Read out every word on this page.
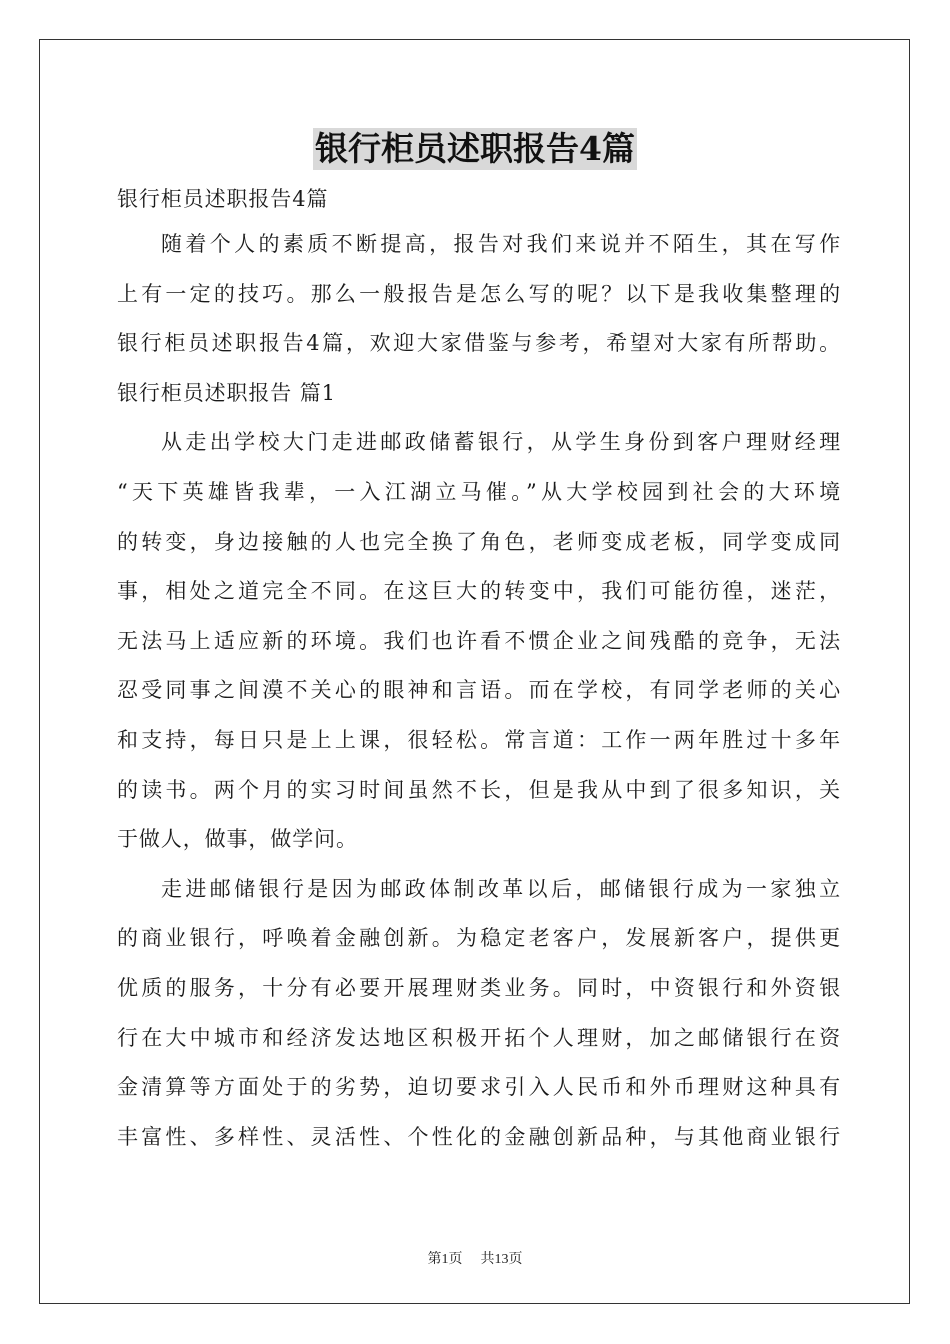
银行柜员述职报告4篇
银行柜员述职报告4篇
随着个人的素质不断提高，报告对我们来说并不陌生，其在写作
上有一定的技巧。那么一般报告是怎么写的呢？以下是我收集整理的
银行柜员述职报告4篇，欢迎大家借鉴与参考，希望对大家有所帮助。
银行柜员述职报告 篇1
从走出学校大门走进邮政储蓄银行，从学生身份到客户理财经理
“天下英雄皆我辈，一入江湖立马催。”从大学校园到社会的大环境
的转变，身边接触的人也完全换了角色，老师变成老板，同学变成同
事，相处之道完全不同。在这巨大的转变中，我们可能彷徨，迷茫，
无法马上适应新的环境。我们也许看不惯企业之间残酷的竞争，无法
忍受同事之间漠不关心的眼神和言语。而在学校，有同学老师的关心
和支持，每日只是上上课，很轻松。常言道：工作一两年胜过十多年
的读书。两个月的实习时间虽然不长，但是我从中到了很多知识，关
于做人，做事，做学问。
走进邮储银行是因为邮政体制改革以后，邮储银行成为一家独立
的商业银行，呼唤着金融创新。为稳定老客户，发展新客户，提供更
优质的服务，十分有必要开展理财类业务。同时，中资银行和外资银
行在大中城市和经济发达地区积极开拓个人理财，加之邮储银行在资
金清算等方面处于的劣势，迫切要求引入人民币和外币理财这种具有
丰富性、多样性、灵活性、个性化的金融创新品种，与其他商业银行
第1页 共13页
